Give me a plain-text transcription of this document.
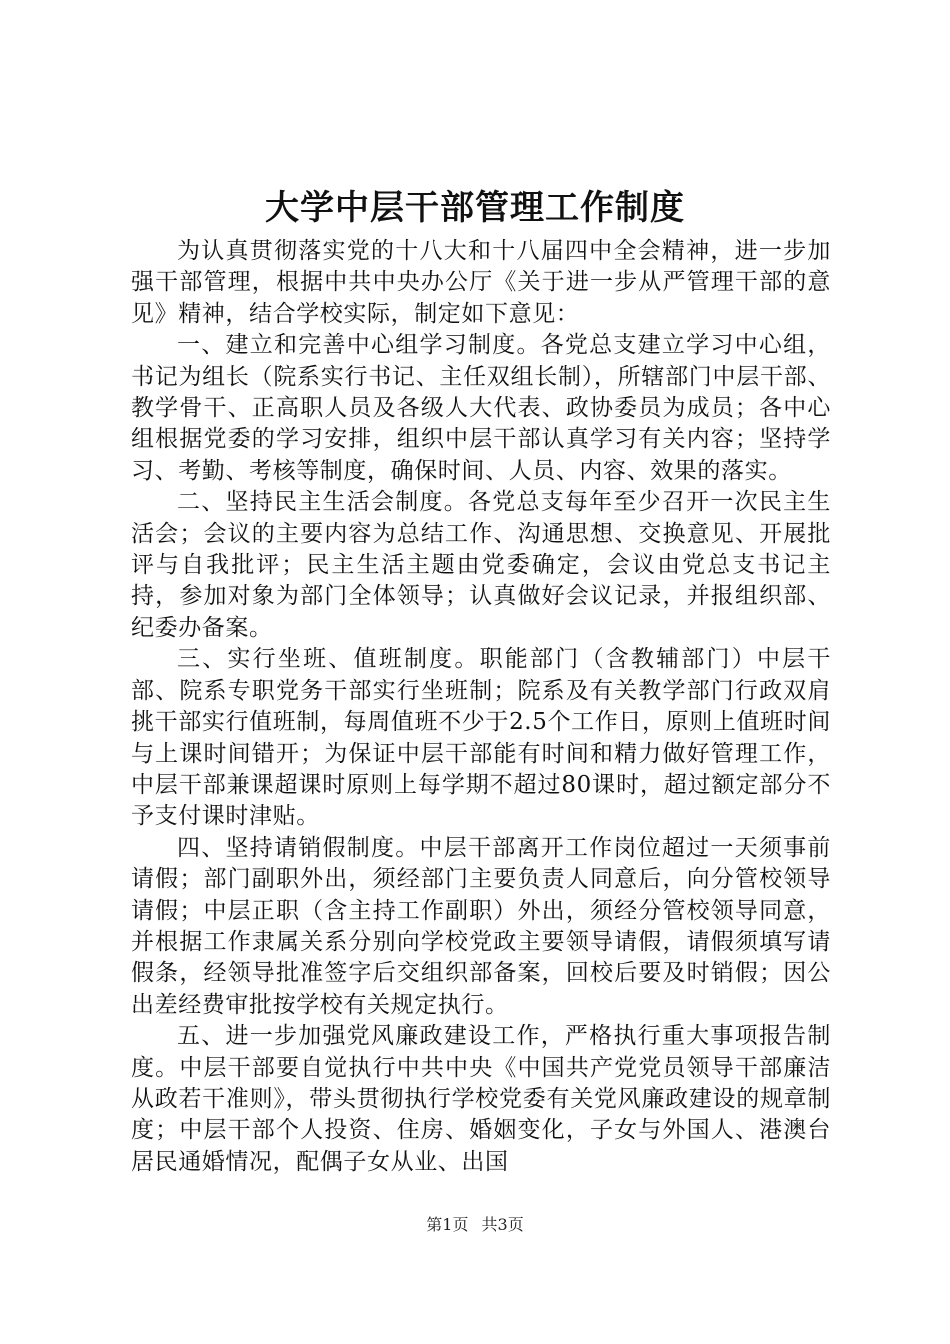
大学中层干部管理工作制度

为认真贯彻落实党的十八大和十八届四中全会精神，进一步加强干部管理，根据中共中央办公厅《关于进一步从严管理干部的意见》精神，结合学校实际，制定如下意见：

一、建立和完善中心组学习制度。各党总支建立学习中心组，书记为组长（院系实行书记、主任双组长制），所辖部门中层干部、教学骨干、正高职人员及各级人大代表、政协委员为成员；各中心组根据党委的学习安排，组织中层干部认真学习有关内容；坚持学习、考勤、考核等制度，确保时间、人员、内容、效果的落实。

二、坚持民主生活会制度。各党总支每年至少召开一次民主生活会；会议的主要内容为总结工作、沟通思想、交换意见、开展批评与自我批评；民主生活主题由党委确定，会议由党总支书记主持，参加对象为部门全体领导；认真做好会议记录，并报组织部、纪委办备案。

三、实行坐班、值班制度。职能部门（含教辅部门）中层干部、院系专职党务干部实行坐班制；院系及有关教学部门行政双肩挑干部实行值班制，每周值班不少于2.5个工作日，原则上值班时间与上课时间错开；为保证中层干部能有时间和精力做好管理工作，中层干部兼课超课时原则上每学期不超过80课时，超过额定部分不予支付课时津贴。

四、坚持请销假制度。中层干部离开工作岗位超过一天须事前请假；部门副职外出，须经部门主要负责人同意后，向分管校领导请假；中层正职（含主持工作副职）外出，须经分管校领导同意，并根据工作隶属关系分别向学校党政主要领导请假，请假须填写请假条，经领导批准签字后交组织部备案，回校后要及时销假；因公出差经费审批按学校有关规定执行。

五、进一步加强党风廉政建设工作，严格执行重大事项报告制度。中层干部要自觉执行中共中央《中国共产党党员领导干部廉洁从政若干准则》，带头贯彻执行学校党委有关党风廉政建设的规章制度；中层干部个人投资、住房、婚姻变化，子女与外国人、港澳台居民通婚情况，配偶子女从业、出国

第1页 共3页
